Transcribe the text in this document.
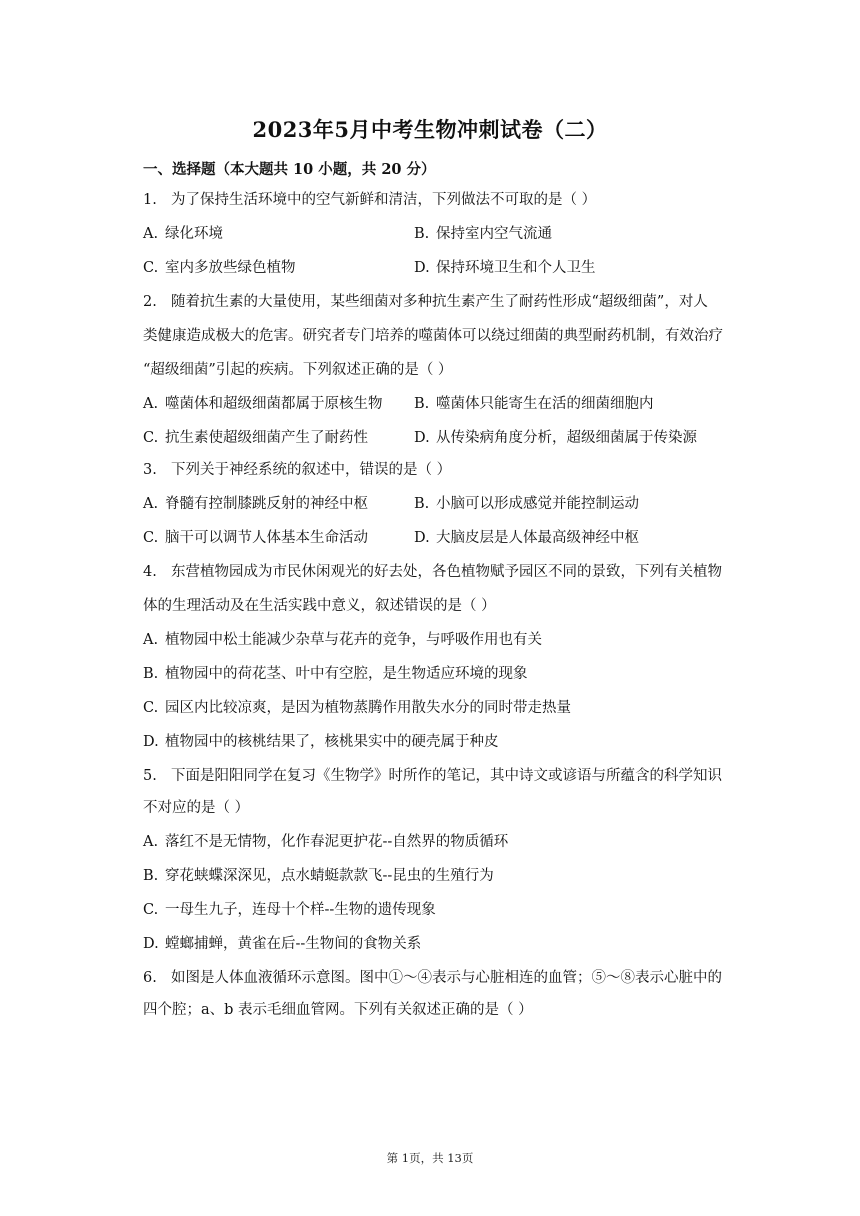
2023年5月中考生物冲刺试卷（二）
一、选择题（本大题共 10 小题，共 20 分）
1. 为了保持生活环境中的空气新鲜和清洁，下列做法不可取的是（ ）
A. 绿化环境	B. 保持室内空气流通
C. 室内多放些绿色植物	D. 保持环境卫生和个人卫生
2. 随着抗生素的大量使用，某些细菌对多种抗生素产生了耐药性形成“超级细菌”，对人
类健康造成极大的危害。研究者专门培养的噬菌体可以绕过细菌的典型耐药机制，有效治疗
“超级细菌”引起的疾病。下列叙述正确的是（ ）
A. 噬菌体和超级细菌都属于原核生物 B. 噬菌体只能寄生在活的细菌细胞内
C. 抗生素使超级细菌产生了耐药性	D. 从传染病角度分析，超级细菌属于传染源
3. 下列关于神经系统的叙述中，错误的是（ ）
A. 脊髓有控制膝跳反射的神经中枢	B. 小脑可以形成感觉并能控制运动
C. 脑干可以调节人体基本生命活动	D. 大脑皮层是人体最高级神经中枢
4. 东营植物园成为市民休闲观光的好去处，各色植物赋予园区不同的景致，下列有关植物
体的生理活动及在生活实践中意义，叙述错误的是（ ）
A. 植物园中松土能减少杂草与花卉的竞争，与呼吸作用也有关
B. 植物园中的荷花茎、叶中有空腔，是生物适应环境的现象
C. 园区内比较凉爽，是因为植物蒸腾作用散失水分的同时带走热量
D. 植物园中的核桃结果了，核桃果实中的硬壳属于种皮
5. 下面是阳阳同学在复习《生物学》时所作的笔记，其中诗文或谚语与所蕴含的科学知识
不对应的是（ ）
A. 落红不是无情物，化作春泥更护花--自然界的物质循环
B. 穿花蛱蝶深深见，点水蜻蜓款款飞--昆虫的生殖行为
C. 一母生九子，连母十个样--生物的遗传现象
D. 螳螂捕蝉，黄雀在后--生物间的食物关系
6. 如图是人体血液循环示意图。图中①～④表示与心脏相连的血管；⑤～⑧表示心脏中的
四个腔；a、b 表示毛细血管网。下列有关叙述正确的是（ ）
第 1页，共 13页
